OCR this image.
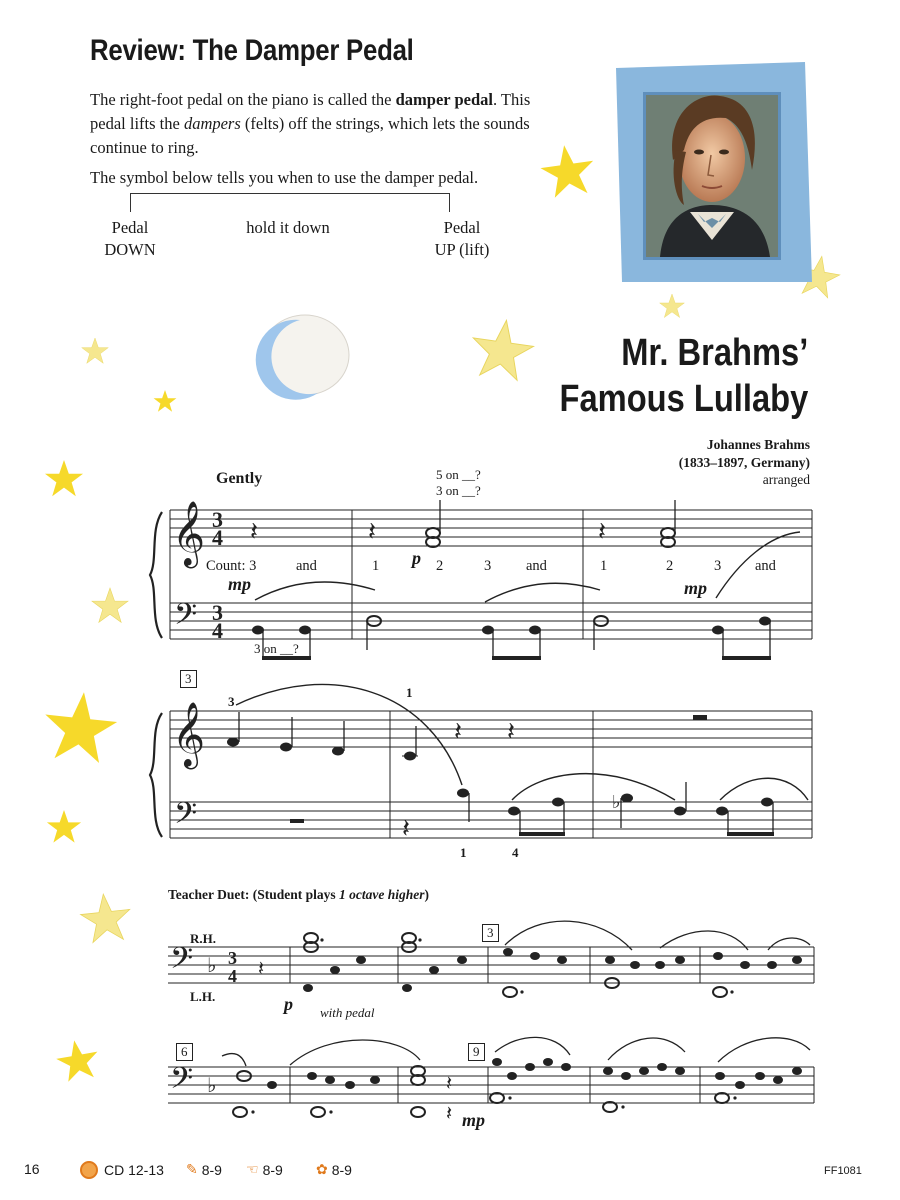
Review: The Damper Pedal
The right-foot pedal on the piano is called the damper pedal. This pedal lifts the dampers (felts) off the strings, which lets the sounds continue to ring.
The symbol below tells you when to use the damper pedal.
Pedal
DOWN
hold it down	Pedal
UP (lift)
Mr. Brahms’
Famous Lullaby
Johannes Brahms
(1833–1897, Germany)
arranged
Gently
𝄞
𝄞
𝄢
𝄢
𝄢
𝄢
3
4
3
4
3
4
♭
♭
𝄽	𝄽	𝄽
𝄽 𝄽
𝄽
♭
𝄽
𝄽
𝄽
5 on __?
3 on __?
3 on __?
Count: 3	and	1	2	3 and	1	2	3 and
mp
p
mp
3
3
1
1	4
Teacher Duet: (Student plays 1 octave higher)
R.H.
L.H.	p with pedal
3
6	9
mp
16	CD 12-13 ✎ 8-9 ☜ 8-9 ✿ 8-9	FF1081
